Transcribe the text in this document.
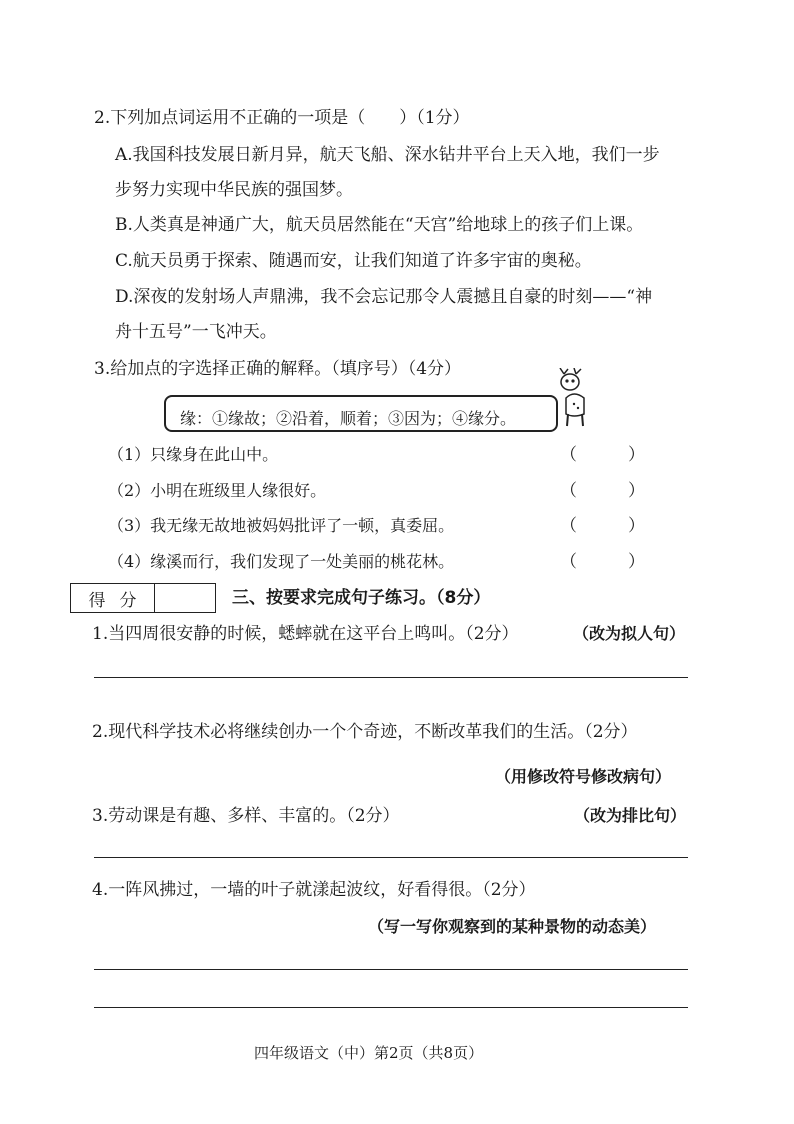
2.下列加点词运用不正确的一项是（　　）（1分）
A.我国科技发展日新月异，航天飞船、深水钻井平台上天入地，我们一步
步努力实现中华民族的强国梦。
B.人类真是神通广大，航天员居然能在“天宫”给地球上的孩子们上课。
C.航天员勇于探索、随遇而安，让我们知道了许多宇宙的奥秘。
D.深夜的发射场人声鼎沸，我不会忘记那令人震撼且自豪的时刻——“神
舟十五号”一飞冲天。
3.给加点的字选择正确的解释。（填序号）（4分）
缘：①缘故；②沿着，顺着；③因为；④缘分。
（1）只缘身在此山中。	（　　　）
（2）小明在班级里人缘很好。	（　　　）
（3）我无缘无故地被妈妈批评了一顿，真委屈。	（　　　）
（4）缘溪而行，我们发现了一处美丽的桃花林。	（　　　）
得分	三、按要求完成句子练习。（8分）
1.当四周很安静的时候，蟋蟀就在这平台上鸣叫。（2分）	（改为拟人句）
2.现代科学技术必将继续创办一个个奇迹，不断改革我们的生活。（2分）
（用修改符号修改病句）
3.劳动课是有趣、多样、丰富的。（2分）	（改为排比句）
4.一阵风拂过，一墙的叶子就漾起波纹，好看得很。（2分）
（写一写你观察到的某种景物的动态美）
四年级语文（中）第2页（共8页）
